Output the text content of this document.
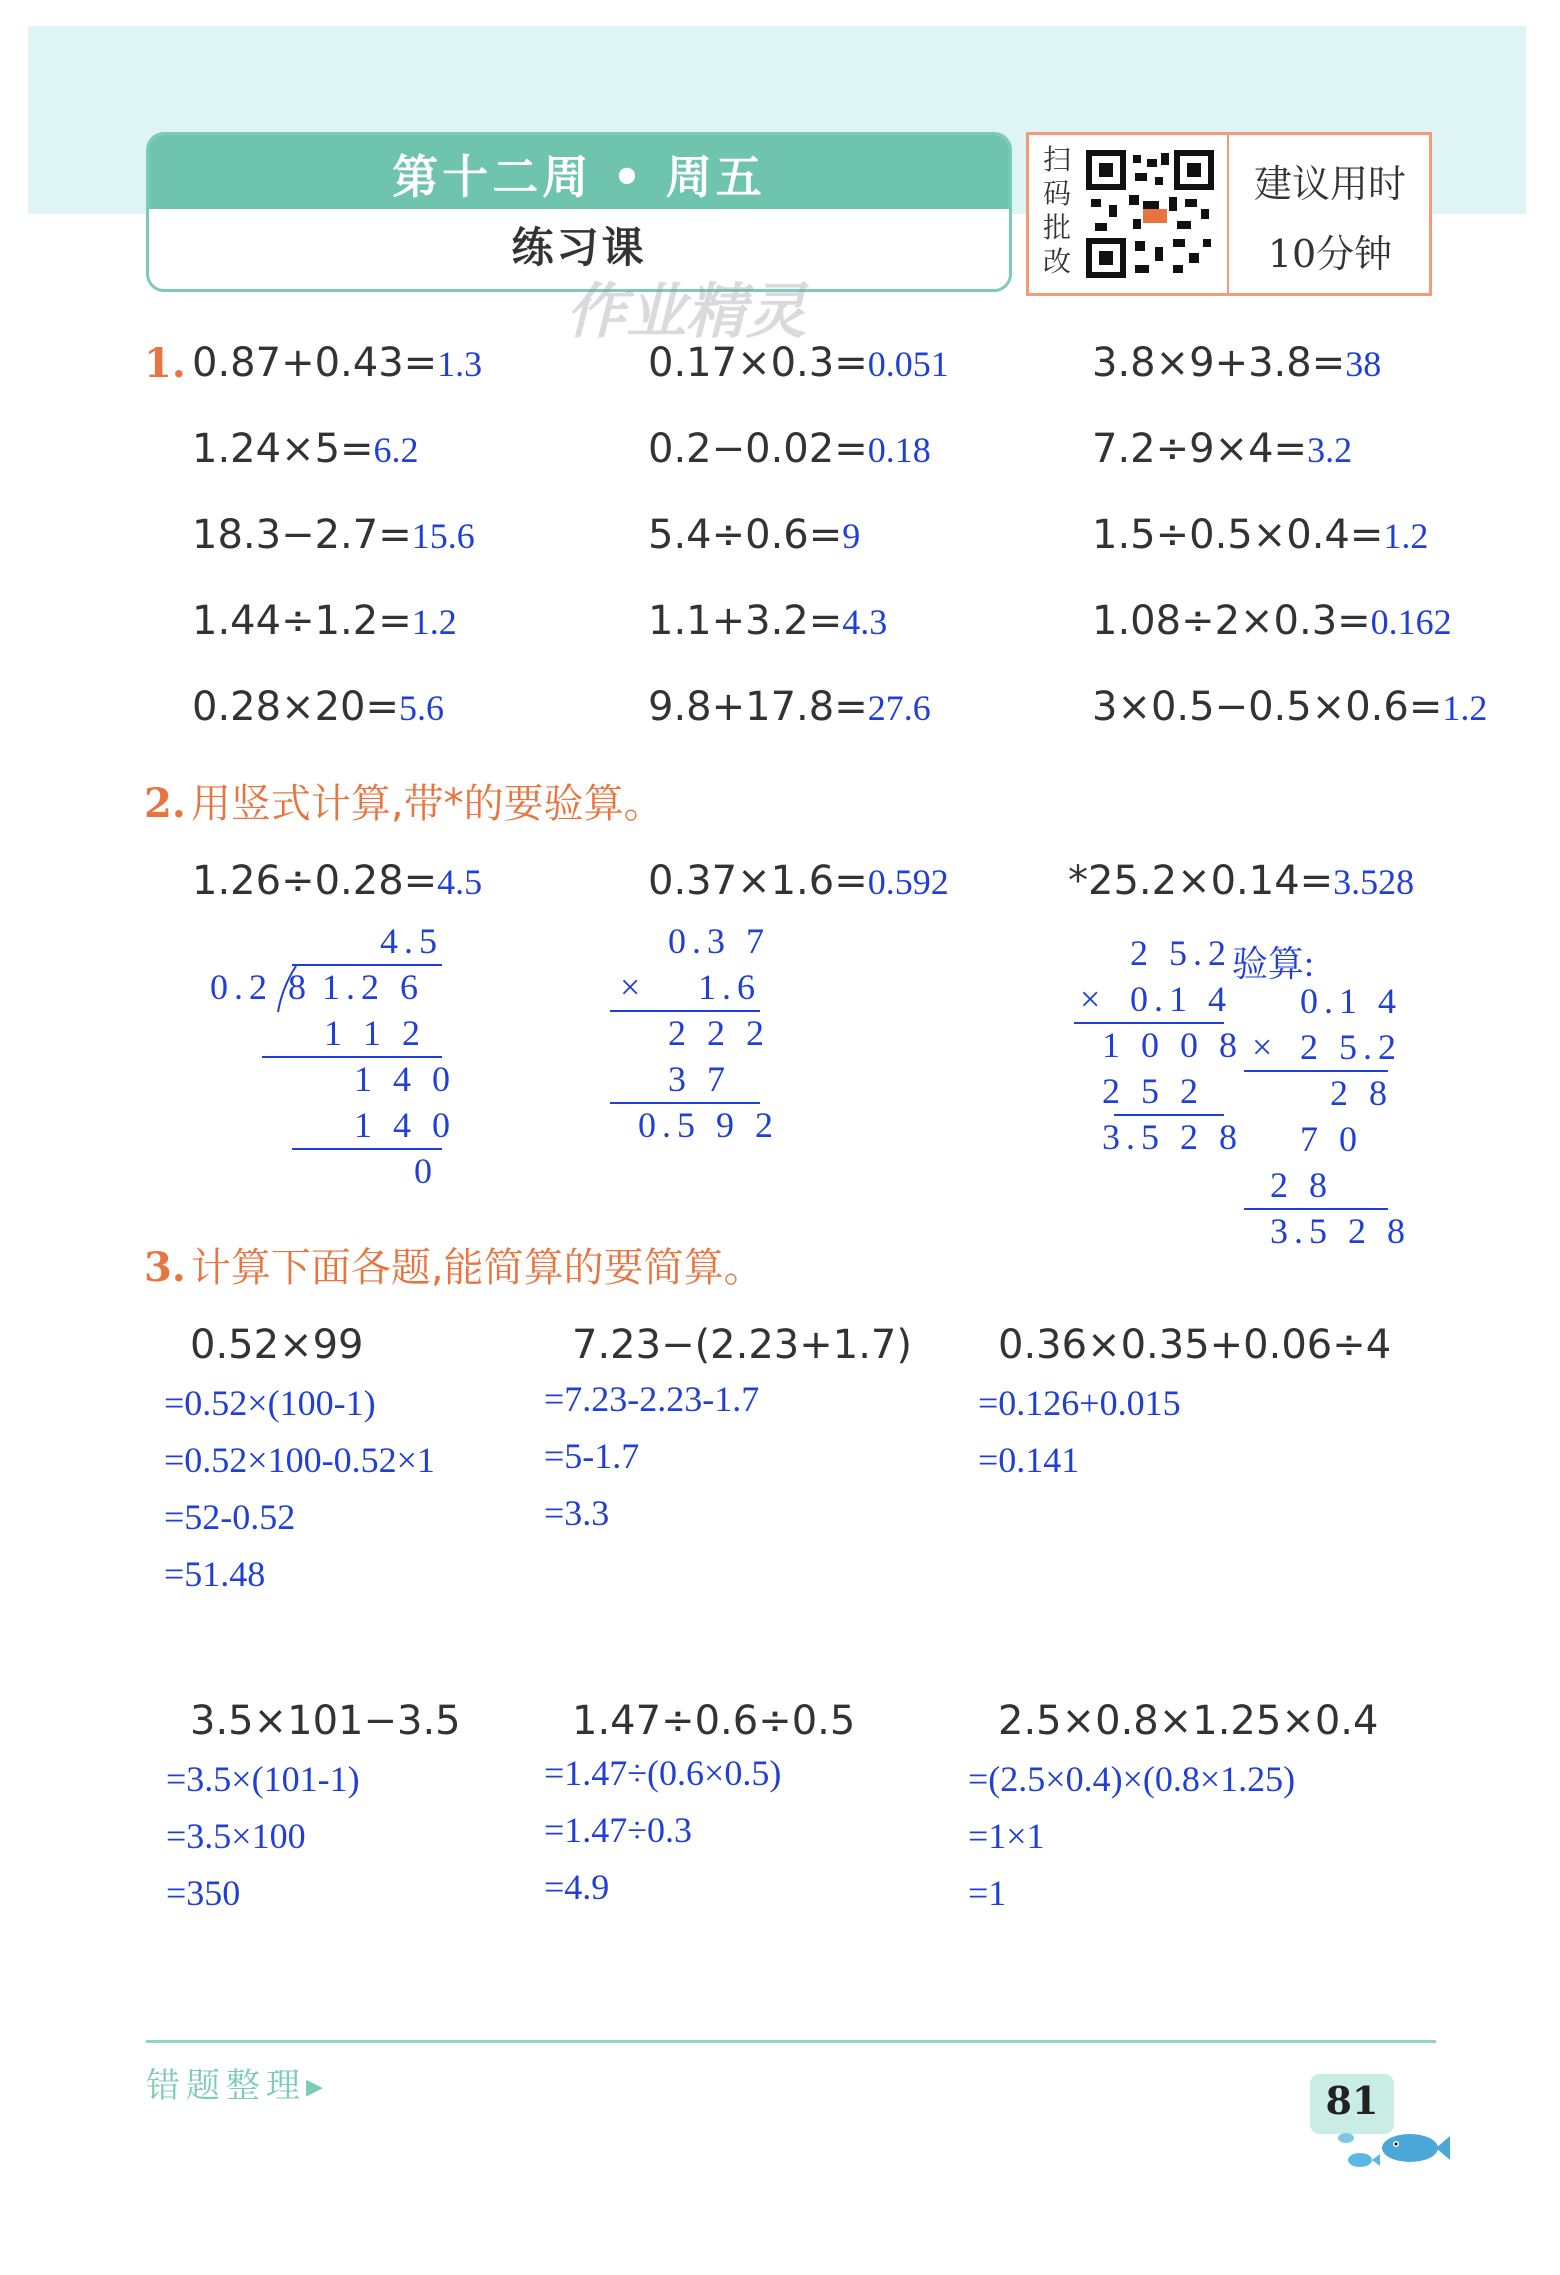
第十二周 • 周五
练习课
扫
码
批
改
建议用时
10分钟
作业精灵
1. 0.87+0.43=1.3	0.17×0.3=0.051	3.8×9+3.8=38
1.24×5=6.2	0.2−0.02=0.18	7.2÷9×4=3.2
18.3−2.7=15.6	5.4÷0.6=9	1.5÷0.5×0.4=1.2
1.44÷1.2=1.2	1.1+3.2=4.3	1.08÷2×0.3=0.162
0.28×20=5.6	9.8+17.8=27.6	3×0.5−0.5×0.6=1.2
2. 用竖式计算,带*的要验算。
1.26÷0.28=4.5	0.37×1.6=0.592	*25.2×0.14=3.528
4.5
0.2 8 1.2 6
1 1 2
1 4 0
1 4 0
0
0.3 7
× 1.6
2 2 2
3 7
0.5 9 2
2 5.2
× 0.1 4
1 0 0 8
2 5 2
3.5 2 8
验算:
0.1 4
× 2 5.2
2 8
7 0
2 8
3.5 2 8
3. 计算下面各题,能简算的要简算。
0.52×99
=0.52×(100-1)
=0.52×100-0.52×1
=52-0.52
=51.48
7.23−(2.23+1.7)
=7.23-2.23-1.7
=5-1.7
=3.3
0.36×0.35+0.06÷4
=0.126+0.015
=0.141
3.5×101−3.5
=3.5×(101-1)
=3.5×100
=350
1.47÷0.6÷0.5
=1.47÷(0.6×0.5)
=1.47÷0.3
=4.9
2.5×0.8×1.25×0.4
=(2.5×0.4)×(0.8×1.25)
=1×1
=1
错题整理▸	81
